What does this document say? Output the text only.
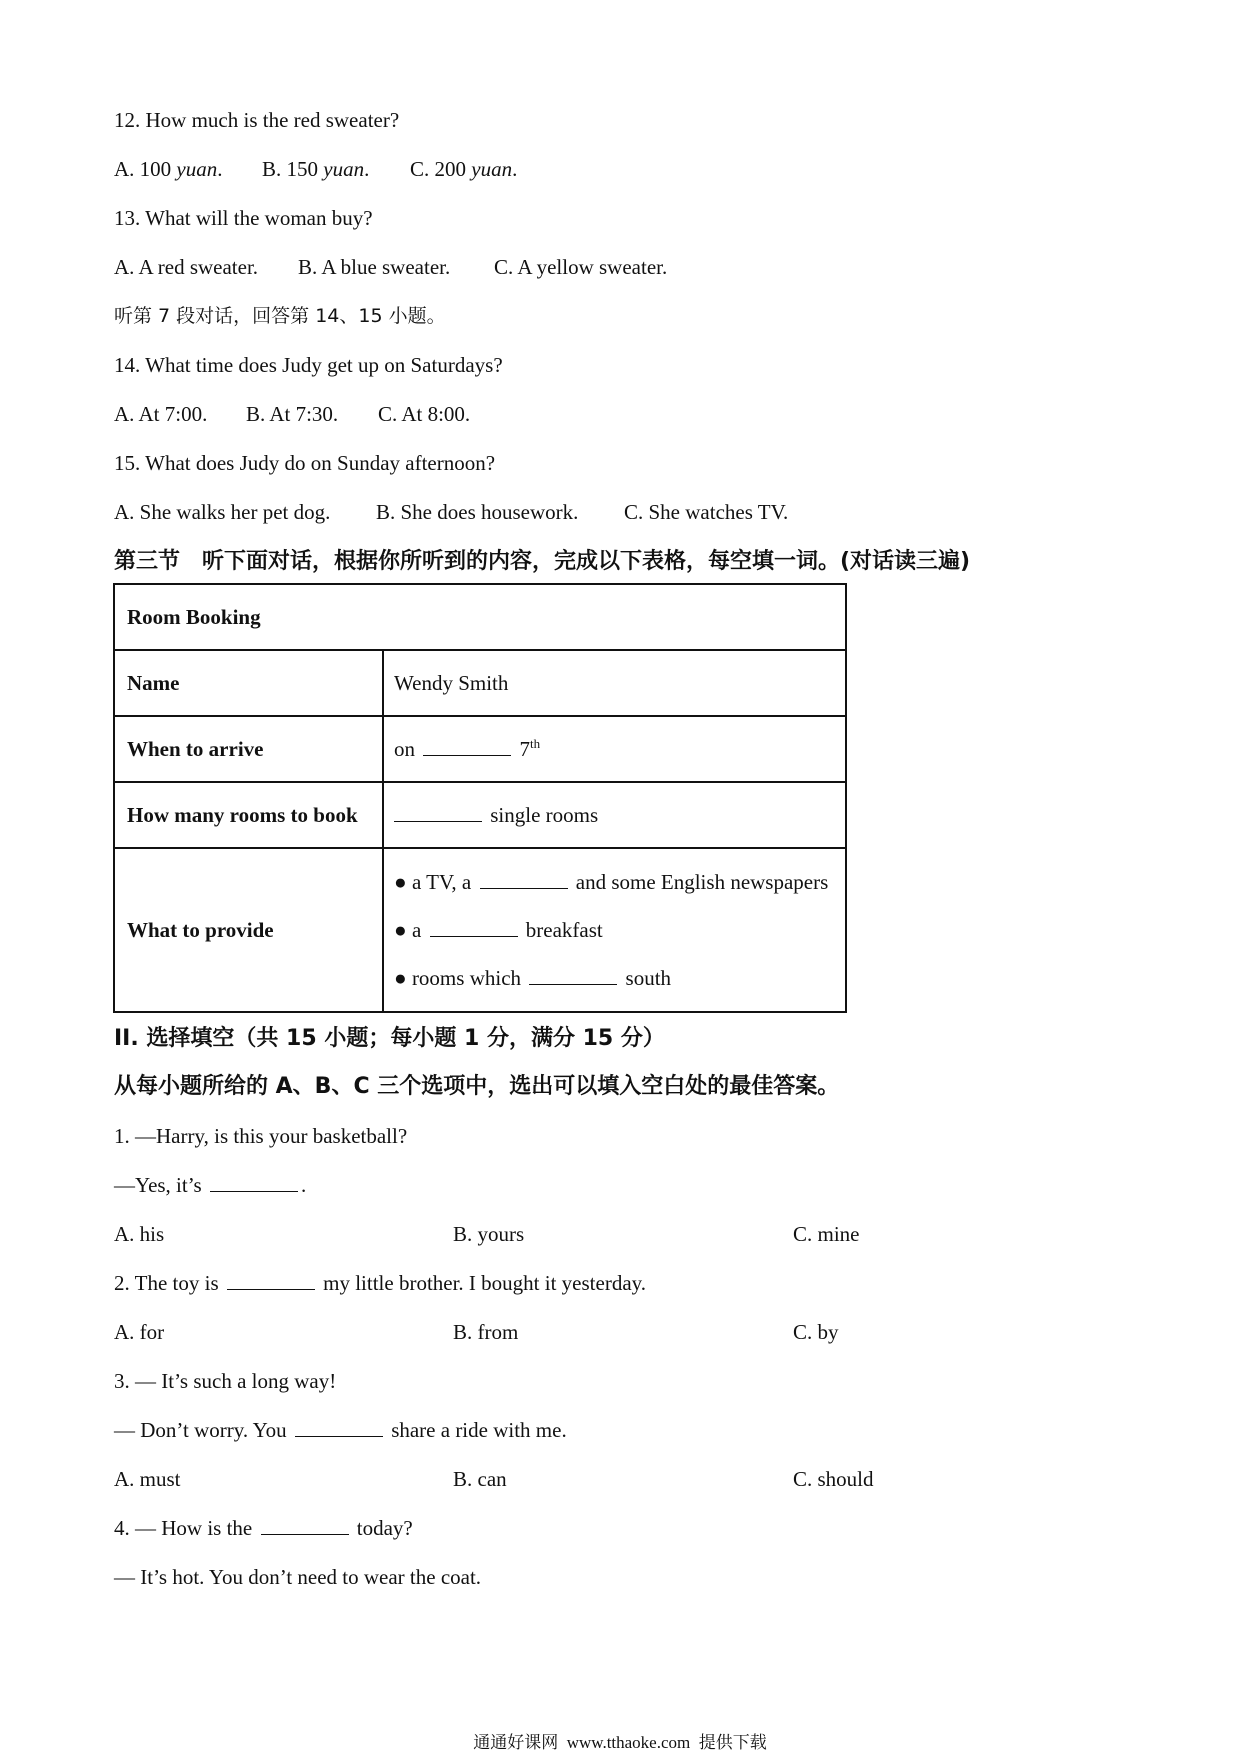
12. How much is the red sweater?
A. 100 yuan. B. 150 yuan. C. 200 yuan.
13. What will the woman buy?
A. A red sweater. B. A blue sweater. C. A yellow sweater.
听第 7 段对话，回答第 14、15 小题。
14. What time does Judy get up on Saturdays?
A. At 7:00. B. At 7:30. C. At 8:00.
15. What does Judy do on Sunday afternoon?
A. She walks her pet dog. B. She does housework. C. She watches TV.
第三节　听下面对话，根据你所听到的内容，完成以下表格，每空填一词。(对话读三遍)
Room Booking	
Name	Wendy Smith
When to arrive	on 7th
How many rooms to book	single rooms
What to provide	● a TV, a and some English newspapers
● a breakfast
● rooms which south
II. 选择填空（共 15 小题；每小题 1 分，满分 15 分）
从每小题所给的 A、B、C 三个选项中，选出可以填入空白处的最佳答案。
1. —Harry, is this your basketball?
—Yes, it’s	.
A. his	B. yours	C. mine
2. The toy is	my little brother. I bought it yesterday.
A. for	B. from	C. by
3. — It’s such a long way!
— Don’t worry. You	share a ride with me.
A. must	B. can	C. should
4. — How is the	today?
— It’s hot. You don’t need to wear the coat.
通通好课网 www.tthaoke.com 提供下载
